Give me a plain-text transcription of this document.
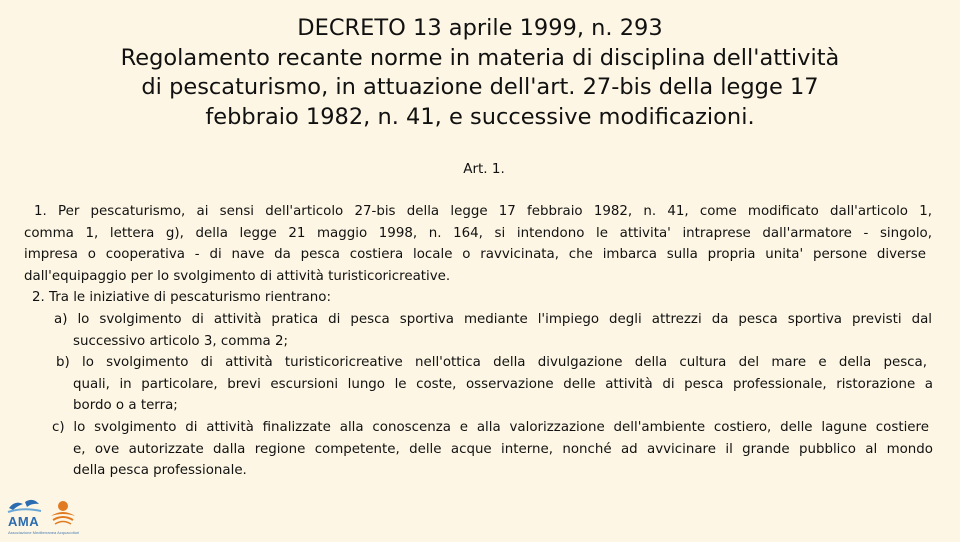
DECRETO 13 aprile 1999, n. 293
Regolamento recante norme in materia di disciplina dell'attività
di pescaturismo, in attuazione dell'art. 27-bis della legge 17
febbraio 1982, n. 41, e successive modificazioni.
Art. 1.
1. Per pescaturismo, ai sensi dell'articolo 27-bis della legge 17 febbraio 1982, n. 41, come modificato dall'articolo 1,
comma 1, lettera g), della legge 21 maggio 1998, n. 164, si intendono le attivita' intraprese dall'armatore - singolo,
impresa o cooperativa - di nave da pesca costiera locale o ravvicinata, che imbarca sulla propria unita' persone diverse
dall'equipaggio per lo svolgimento di attività turisticoricreative.
2. Tra le iniziative di pescaturismo rientrano:
a) lo svolgimento di attività pratica di pesca sportiva mediante l'impiego degli attrezzi da pesca sportiva previsti dal
successivo articolo 3, comma 2;
b) lo svolgimento di attività turisticoricreative nell'ottica della divulgazione della cultura del mare e della pesca,
quali, in particolare, brevi escursioni lungo le coste, osservazione delle attività di pesca professionale, ristorazione a
bordo o a terra;
c) lo svolgimento di attività finalizzate alla conoscenza e alla valorizzazione dell'ambiente costiero, delle lagune costiere
e, ove autorizzate dalla regione competente, delle acque interne, nonché ad avvicinare il grande pubblico al mondo
della pesca professionale.
AMA
Associazione Mediterranea Acquacoltori
